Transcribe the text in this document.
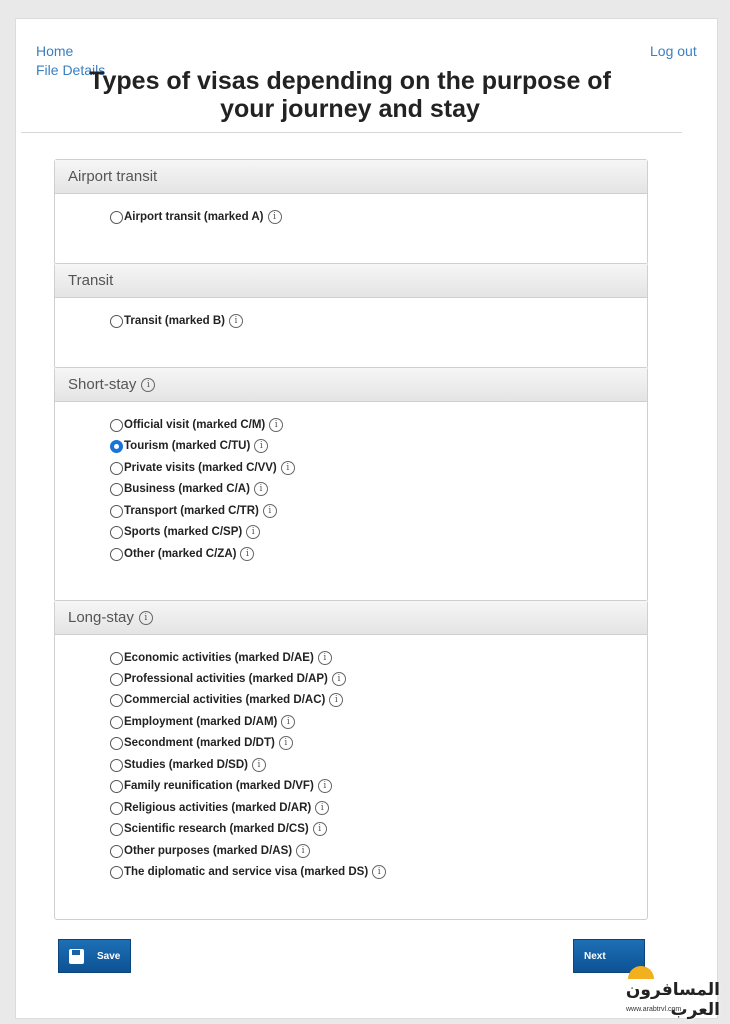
Home
File Details
Log out
Types of visas depending on the purpose of your journey and stay
Airport transit
Airport transit (marked A)	i
Transit
Transit (marked B)	i
Short-stay	i
Official visit (marked C/M)	i
Tourism (marked C/TU)	i
Private visits (marked C/VV)	i
Business (marked C/A)	i
Transport (marked C/TR)	i
Sports (marked C/SP)	i
Other (marked C/ZA)	i
Long-stay	i
Economic activities (marked D/AE)	i
Professional activities (marked D/AP)	i
Commercial activities (marked D/AC)	i
Employment (marked D/AM)	i
Secondment (marked D/DT)	i
Studies (marked D/SD)	i
Family reunification (marked D/VF)	i
Religious activities (marked D/AR)	i
Scientific research (marked D/CS)	i
Other purposes (marked D/AS)	i
The diplomatic and service visa (marked DS)	i
Save	Next
المسافرون العرب
www.arabtrvl.com
